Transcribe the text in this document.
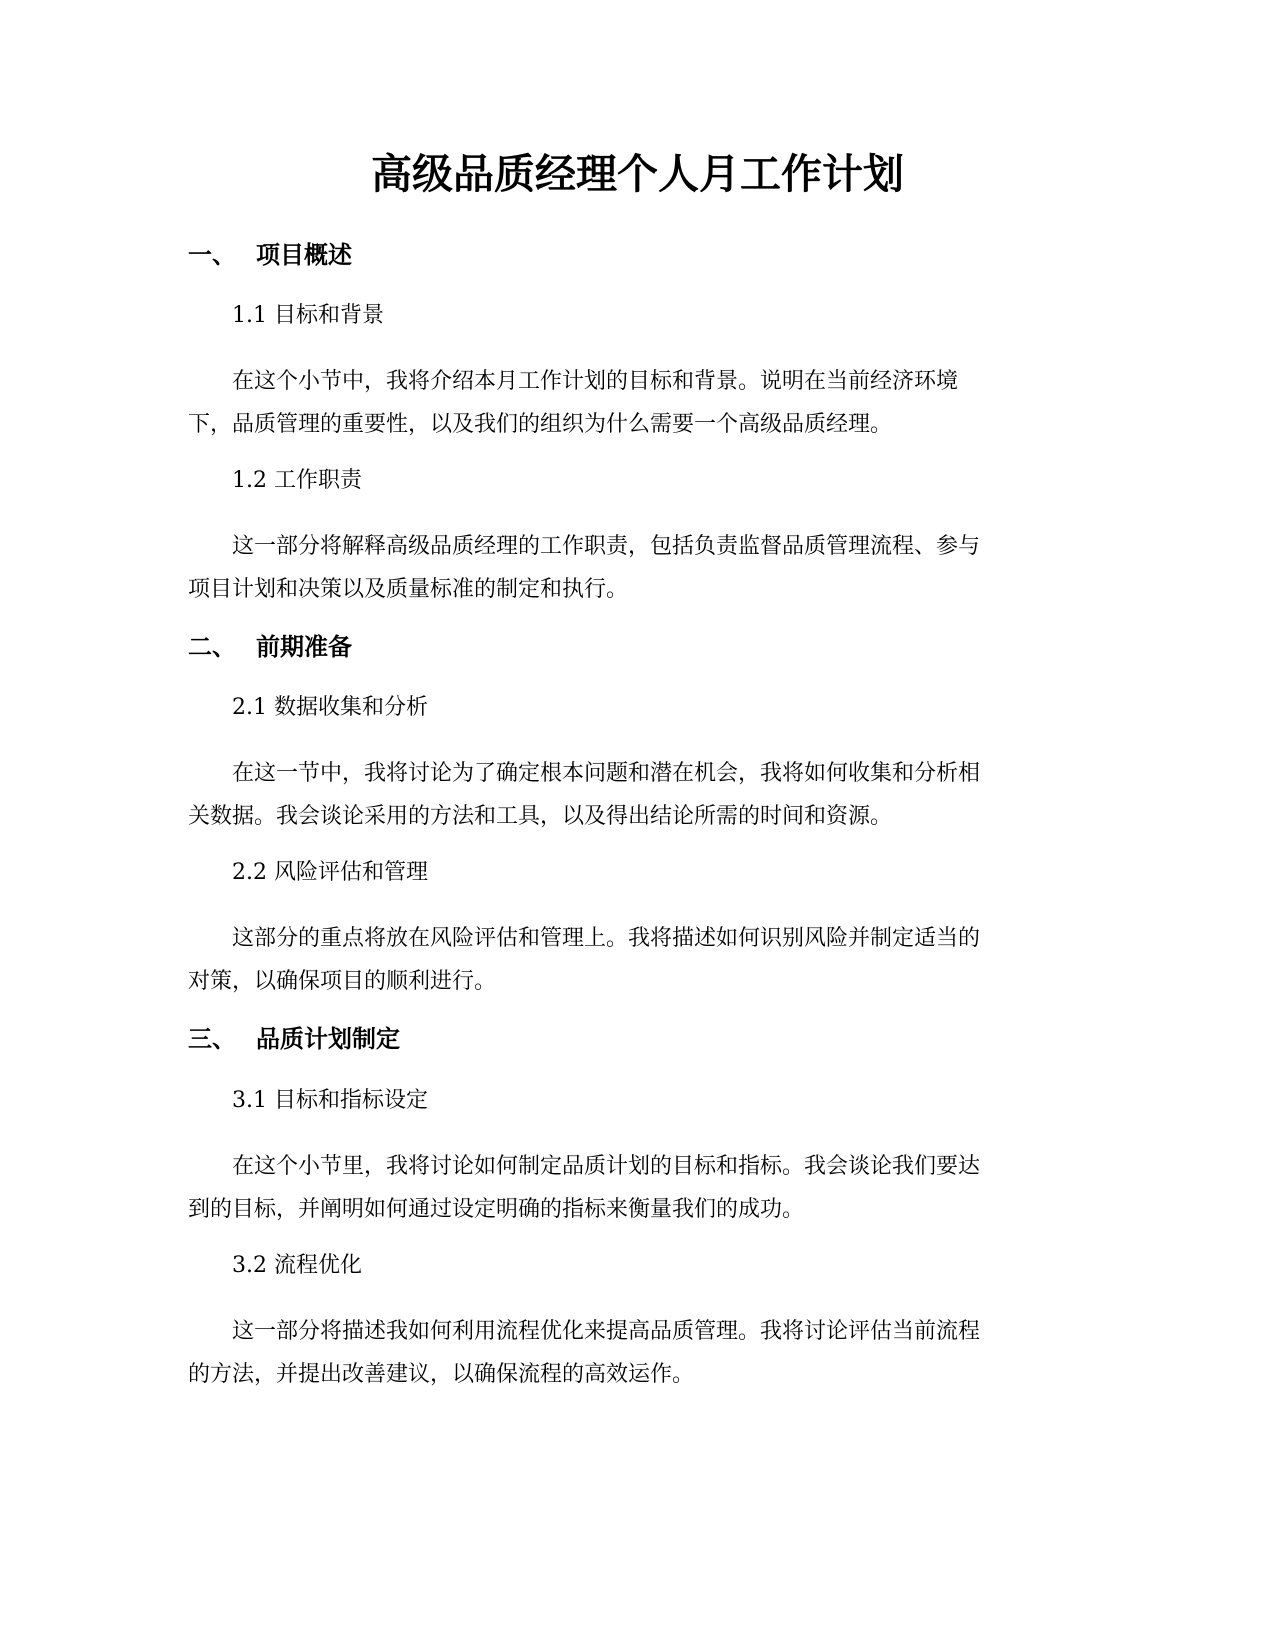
高级品质经理个人月工作计划
一、 项目概述
1.1 目标和背景
在这个小节中，我将介绍本月工作计划的目标和背景。说明在当前经济环境
下，品质管理的重要性，以及我们的组织为什么需要一个高级品质经理。
1.2 工作职责
这一部分将解释高级品质经理的工作职责，包括负责监督品质管理流程、参与
项目计划和决策以及质量标准的制定和执行。
二、 前期准备
2.1 数据收集和分析
在这一节中，我将讨论为了确定根本问题和潜在机会，我将如何收集和分析相
关数据。我会谈论采用的方法和工具，以及得出结论所需的时间和资源。
2.2 风险评估和管理
这部分的重点将放在风险评估和管理上。我将描述如何识别风险并制定适当的
对策，以确保项目的顺利进行。
三、 品质计划制定
3.1 目标和指标设定
在这个小节里，我将讨论如何制定品质计划的目标和指标。我会谈论我们要达
到的目标，并阐明如何通过设定明确的指标来衡量我们的成功。
3.2 流程优化
这一部分将描述我如何利用流程优化来提高品质管理。我将讨论评估当前流程
的方法，并提出改善建议，以确保流程的高效运作。
